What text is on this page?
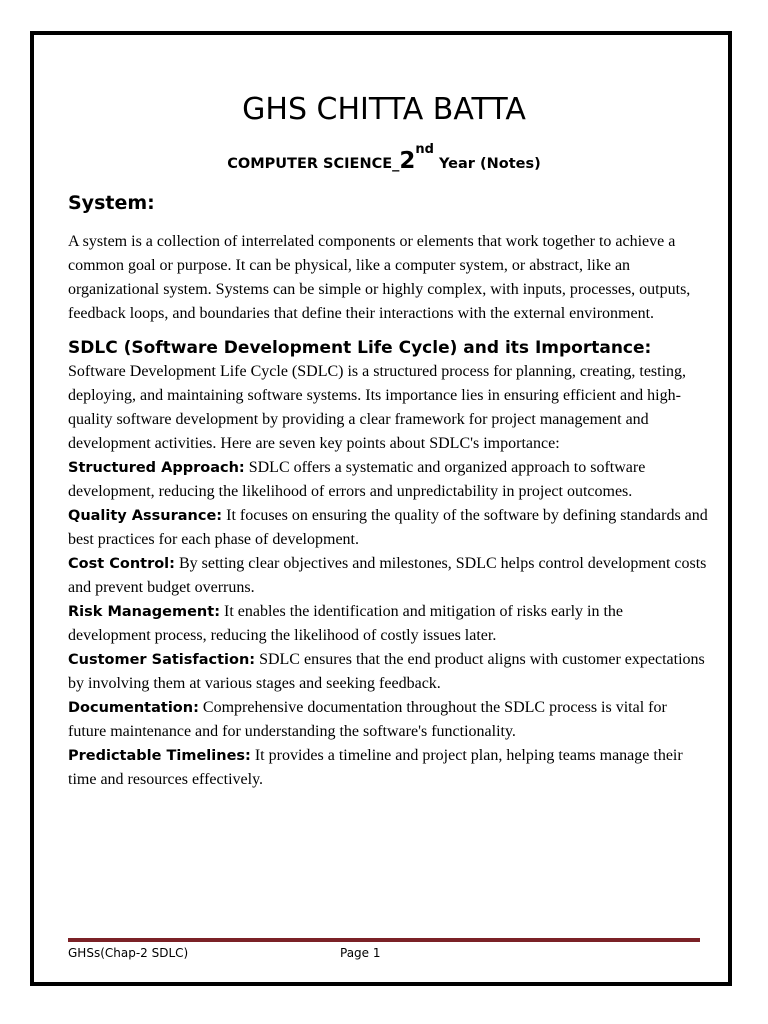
GHS CHITTA BATTA
COMPUTER SCIENCE_2nd Year (Notes)
System:

A system is a collection of interrelated components or elements that work together to achieve a common goal or purpose. It can be physical, like a computer system, or abstract, like an organizational system. Systems can be simple or highly complex, with inputs, processes, outputs, feedback loops, and boundaries that define their interactions with the external environment.

SDLC (Software Development Life Cycle) and its Importance:

Software Development Life Cycle (SDLC) is a structured process for planning, creating, testing, deploying, and maintaining software systems. Its importance lies in ensuring efficient and high-quality software development by providing a clear framework for project management and development activities. Here are seven key points about SDLC's importance:

Structured Approach: SDLC offers a systematic and organized approach to software development, reducing the likelihood of errors and unpredictability in project outcomes.

Quality Assurance: It focuses on ensuring the quality of the software by defining standards and best practices for each phase of development.

Cost Control: By setting clear objectives and milestones, SDLC helps control development costs and prevent budget overruns.

Risk Management: It enables the identification and mitigation of risks early in the development process, reducing the likelihood of costly issues later.

Customer Satisfaction: SDLC ensures that the end product aligns with customer expectations by involving them at various stages and seeking feedback.

Documentation: Comprehensive documentation throughout the SDLC process is vital for future maintenance and for understanding the software's functionality.

Predictable Timelines: It provides a timeline and project plan, helping teams manage their time and resources effectively.

GHSs(Chap-2 SDLC)	Page 1
